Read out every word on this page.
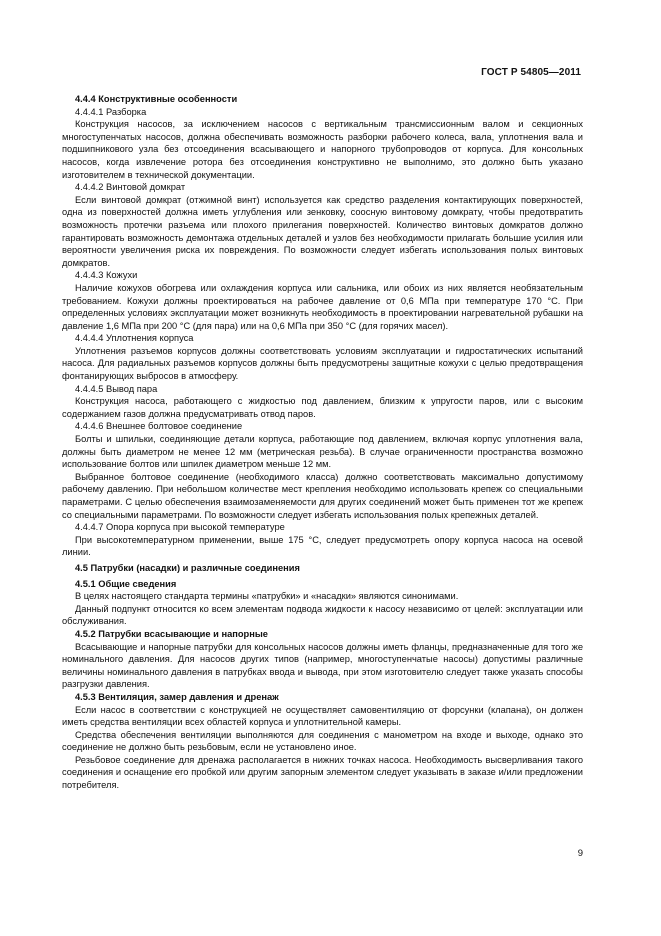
ГОСТ Р 54805—2011

4.4.4 Конструктивные особенности

4.4.4.1 Разборка

Конструкция насосов, за исключением насосов с вертикальным трансмиссионным валом и секционных многоступенчатых насосов, должна обеспечивать возможность разборки рабочего колеса, вала, уплотнения вала и подшипникового узла без отсоединения всасывающего и напорного трубопроводов от корпуса. Для консольных насосов, когда извлечение ротора без отсоединения конструктивно не выполнимо, это должно быть указано изготовителем в технической документации.

4.4.4.2 Винтовой домкрат

Если винтовой домкрат (отжимной винт) используется как средство разделения контактирующих поверхностей, одна из поверхностей должна иметь углубления или зенковку, соосную винтовому домкрату, чтобы предотвратить возможность протечки разъема или плохого прилегания поверхностей. Количество винтовых домкратов должно гарантировать возможность демонтажа отдельных деталей и узлов без необходимости прилагать большие усилия или вероятности увеличения риска их повреждения. По возможности следует избегать использования полых винтовых домкратов.

4.4.4.3 Кожухи

Наличие кожухов обогрева или охлаждения корпуса или сальника, или обоих из них является необязательным требованием. Кожухи должны проектироваться на рабочее давление от 0,6 МПа при температуре 170 °С. При определенных условиях эксплуатации может возникнуть необходимость в проектировании нагревательной рубашки на давление 1,6 МПа при 200 °С (для пара) или на 0,6 МПа при 350 °С (для горячих масел).

4.4.4.4 Уплотнения корпуса

Уплотнения разъемов корпусов должны соответствовать условиям эксплуатации и гидростатических испытаний насоса. Для радиальных разъемов корпусов должны быть предусмотрены защитные кожухи с целью предотвращения фонтанирующих выбросов в атмосферу.

4.4.4.5 Вывод пара

Конструкция насоса, работающего с жидкостью под давлением, близким к упругости паров, или с высоким содержанием газов должна предусматривать отвод паров.

4.4.4.6 Внешнее болтовое соединение

Болты и шпильки, соединяющие детали корпуса, работающие под давлением, включая корпус уплотнения вала, должны быть диаметром не менее 12 мм (метрическая резьба). В случае ограниченности пространства возможно использование болтов или шпилек диаметром меньше 12 мм.

Выбранное болтовое соединение (необходимого класса) должно соответствовать максимально допустимому рабочему давлению. При небольшом количестве мест крепления необходимо использовать крепеж со специальными параметрами. С целью обеспечения взаимозаменяемости для других соединений может быть применен тот же крепеж со специальными параметрами. По возможности следует избегать использования полых крепежных деталей.

4.4.4.7 Опора корпуса при высокой температуре

При высокотемпературном применении, выше 175 °С, следует предусмотреть опору корпуса насоса на осевой линии.

4.5 Патрубки (насадки) и различные соединения

4.5.1 Общие сведения

В целях настоящего стандарта термины «патрубки» и «насадки» являются синонимами.

Данный подпункт относится ко всем элементам подвода жидкости к насосу независимо от целей: эксплуатации или обслуживания.

4.5.2 Патрубки всасывающие и напорные

Всасывающие и напорные патрубки для консольных насосов должны иметь фланцы, предназначенные для того же номинального давления. Для насосов других типов (например, многоступенчатые насосы) допустимы различные величины номинального давления в патрубках ввода и вывода, при этом изготовителю следует также указать способы разгрузки давления.

4.5.3 Вентиляция, замер давления и дренаж

Если насос в соответствии с конструкцией не осуществляет самовентиляцию от форсунки (клапана), он должен иметь средства вентиляции всех областей корпуса и уплотнительной камеры.

Средства обеспечения вентиляции выполняются для соединения с манометром на входе и выходе, однако это соединение не должно быть резьбовым, если не установлено иное.

Резьбовое соединение для дренажа располагается в нижних точках насоса. Необходимость высверливания такого соединения и оснащение его пробкой или другим запорным элементом следует указывать в заказе и/или предложении потребителя.

9
